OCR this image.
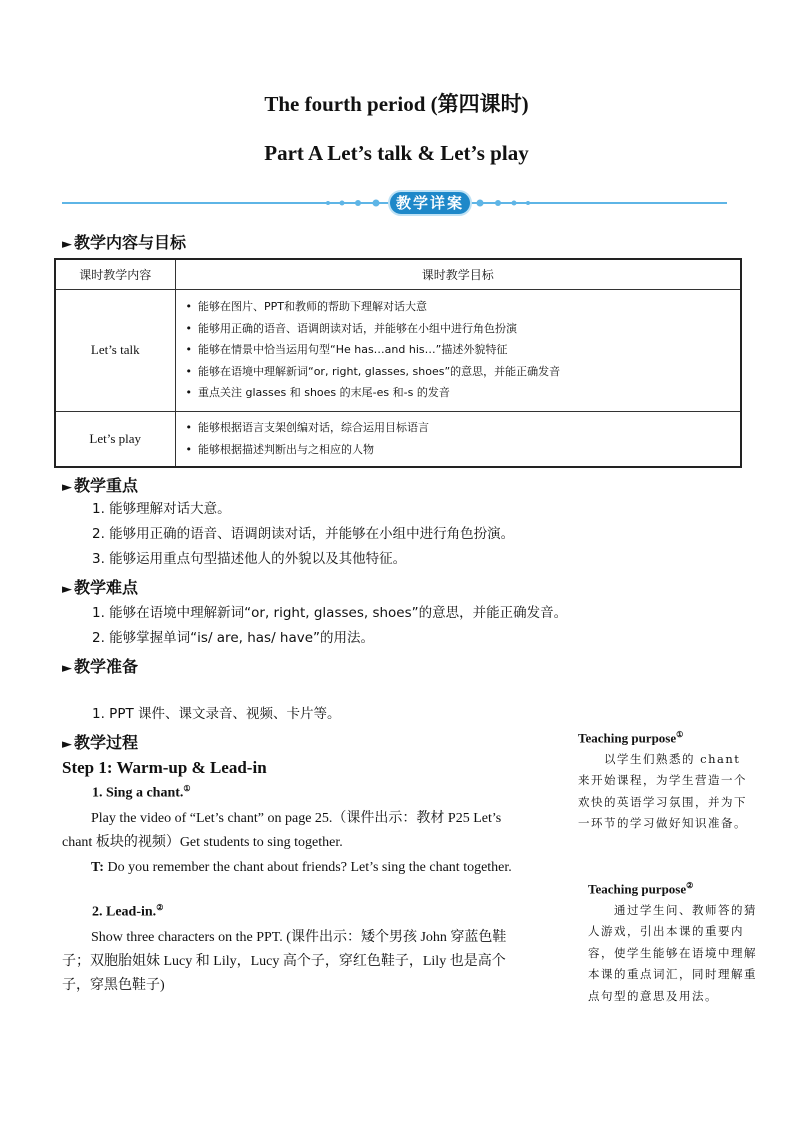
The fourth period (第四课时)
Part A Let’s talk & Let’s play
教学详案
► 教学内容与目标
课时教学内容	课时教学目标
Let’s talk	• 能够在图片、PPT和教师的帮助下理解对话大意
• 能够用正确的语音、语调朗读对话，并能够在小组中进行角色扮演
• 能够在情景中恰当运用句型“He has…and his…”描述外貌特征
• 能够在语境中理解新词“or, right, glasses, shoes”的意思，并能正确发音
• 重点关注 glasses 和 shoes 的末尾-es 和-s 的发音

Let’s play	• 能够根据语言支架创编对话，综合运用目标语言
• 能够根据描述判断出与之相应的人物
► 教学重点
1. 能够理解对话大意。
2. 能够用正确的语音、语调朗读对话，并能够在小组中进行角色扮演。
3. 能够运用重点句型描述他人的外貌以及其他特征。
► 教学难点
1. 能够在语境中理解新词“or, right, glasses, shoes”的意思，并能正确发音。
2. 能够掌握单词“is/ are, has/ have”的用法。
► 教学准备
1. PPT 课件、课文录音、视频、卡片等。
► 教学过程
Step 1: Warm-up & Lead-in
1. Sing a chant.①
Play the video of “Let’s chant” on page 25.（课件出示：教材 P25 Let’s chant 板块的视频）Get students to sing together.
T: Do you remember the chant about friends? Let’s sing the chant together.
2. Lead-in.②
Show three characters on the PPT. (课件出示：矮个男孩 John 穿蓝色鞋子；双胞胎姐妹 Lucy 和 Lily，Lucy 高个子，穿红色鞋子，Lily 也是高个子，穿黑色鞋子)
Teaching purpose①
以学生们熟悉的 chant 来开始课程，为学生营造一个欢快的英语学习氛围，并为下一环节的学习做好知识准备。
Teaching purpose②
通过学生问、教师答的猜人游戏，引出本课的重要内容，使学生能够在语境中理解本课的重点词汇，同时理解重点句型的意思及用法。
